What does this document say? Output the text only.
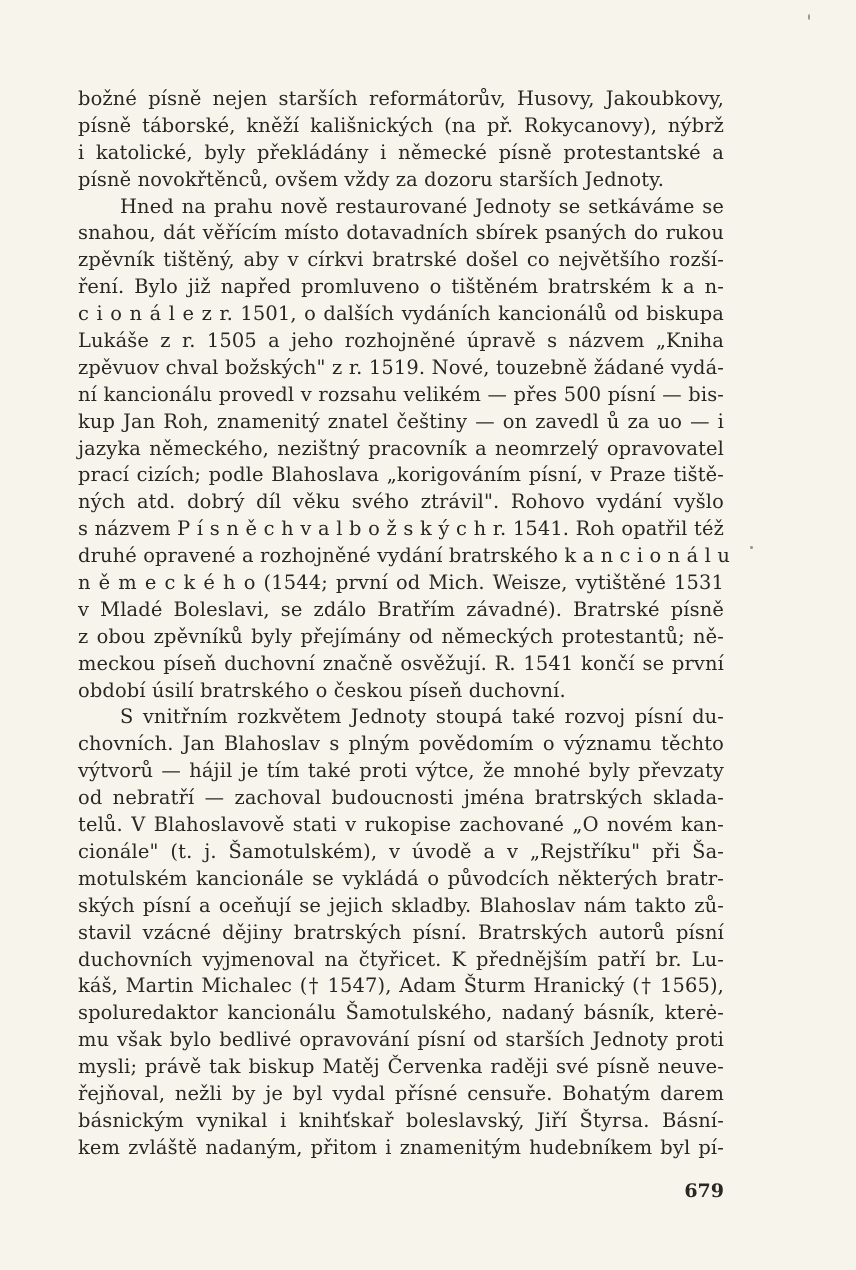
božné písně nejen starších reformátorův, Husovy, Jakoubkovy,
písně táborské, kněží kališnických (na př. Rokycanovy), nýbrž
i katolické, byly překládány i německé písně protestantské a
písně novokřtěnců, ovšem vždy za dozoru starších Jednoty.

Hned na prahu nově restaurované Jednoty se setkáváme se
snahou, dát věřícím místo dotavadních sbírek psaných do rukou
zpěvník tištěný, aby v církvi bratrské došel co největšího rozší-
ření. Bylo již napřed promluveno o tištěném bratrském k a n-
c i o n á l e z r. 1501, o dalších vydáních kancionálů od biskupa
Lukáše z r. 1505 a jeho rozhojněné úpravě s názvem „Kniha
zpěvuov chval božských" z r. 1519. Nové, touzebně žádané vydá-
ní kancionálu provedl v rozsahu velikém — přes 500 písní — bis-
kup Jan Roh, znamenitý znatel češtiny — on zavedl ů za uo — i
jazyka německého, nezištný pracovník a neomrzelý opravovatel
prací cizích; podle Blahoslava „korigováním písní, v Praze tiště-
ných atd. dobrý díl věku svého ztrávil". Rohovo vydání vyšlo
s názvem P í s n ě c h v a l b o ž s k ý c h r. 1541. Roh opatřil též
druhé opravené a rozhojněné vydání bratrského k a n c i o n á l u
n ě m e c k é h o (1544; první od Mich. Weisze, vytištěné 1531
v Mladé Boleslavi, se zdálo Bratřím závadné). Bratrské písně
z obou zpěvníků byly přejímány od německých protestantů; ně-
meckou píseň duchovní značně osvěžují. R. 1541 končí se první
období úsilí bratrského o českou píseň duchovní.

S vnitřním rozkvětem Jednoty stoupá také rozvoj písní du-
chovních. Jan Blahoslav s plným povědomím o významu těchto
výtvorů — hájil je tím také proti výtce, že mnohé byly převzaty
od nebratří — zachoval budoucnosti jména bratrských sklada-
telů. V Blahoslavově stati v rukopise zachované „O novém kan-
cionále" (t. j. Šamotulském), v úvodě a v „Rejstříku" při Ša-
motulském kancionále se vykládá o původcích některých bratr-
ských písní a oceňují se jejich skladby. Blahoslav nám takto zů-
stavil vzácné dějiny bratrských písní. Bratrských autorů písní
duchovních vyjmenoval na čtyřicet. K přednějším patří br. Lu-
káš, Martin Michalec († 1547), Adam Šturm Hranický († 1565),
spoluredaktor kancionálu Šamotulského, nadaný básník, kterė-
mu však bylo bedlivé opravování písní od starších Jednoty proti
mysli; právě tak biskup Matěj Červenka raději své písně neuve-
řejňoval, nežli by je byl vydal přísné censuře. Bohatým darem
básnickým vynikal i knihťskař boleslavský, Jiří Štyrsa. Básní-
kem zvláště nadaným, přitom i znamenitým hudebníkem byl pí-

679
